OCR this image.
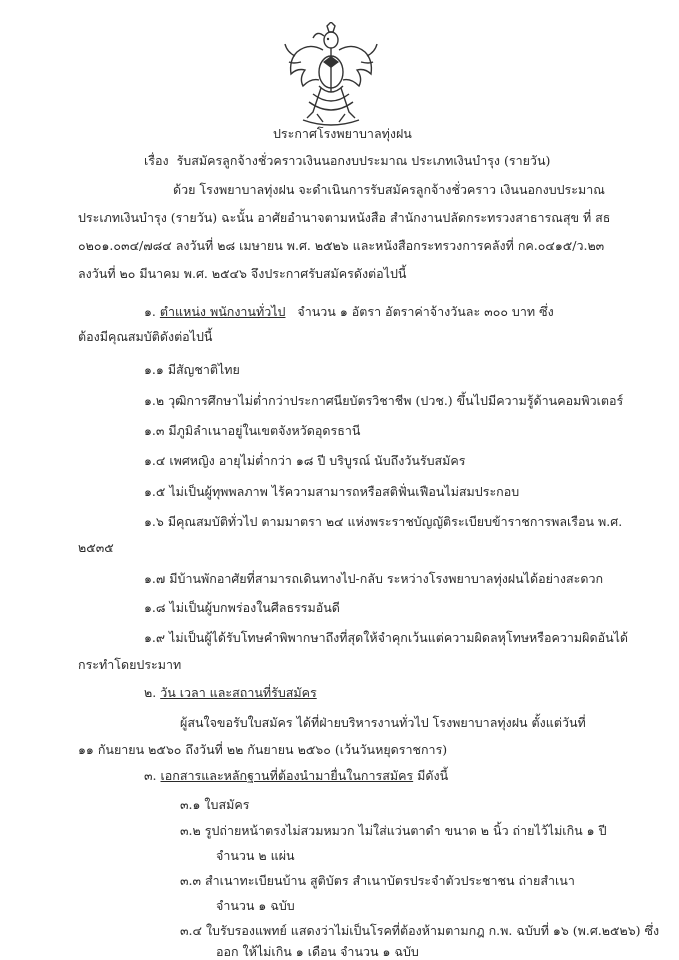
ประกาศโรงพยาบาลทุ่งฝน
เรื่อง รับสมัครลูกจ้างชั่วคราวเงินนอกงบประมาณ ประเภทเงินบำรุง (รายวัน)
ด้วย โรงพยาบาลทุ่งฝน จะดำเนินการรับสมัครลูกจ้างชั่วคราว เงินนอกงบประมาณ
ประเภทเงินบำรุง (รายวัน) ฉะนั้น อาศัยอำนาจตามหนังสือ สำนักงานปลัดกระทรวงสาธารณสุข ที่ สธ
๐๒๐๑.๐๓๔/๗๘๔ ลงวันที่ ๒๘ เมษายน พ.ศ. ๒๕๒๖ และหนังสือกระทรวงการคลังที่ กค.๐๔๑๕/ว.๒๓
ลงวันที่ ๒๐ มีนาคม พ.ศ. ๒๕๔๖ จึงประกาศรับสมัครดังต่อไปนี้
๑. ตำแหน่ง พนักงานทั่วไป จำนวน ๑ อัตรา อัตราค่าจ้างวันละ ๓๐๐ บาท ซึ่ง
ต้องมีคุณสมบัติดังต่อไปนี้
๑.๑ มีสัญชาติไทย
๑.๒ วุฒิการศึกษาไม่ต่ำกว่าประกาศนียบัตรวิชาชีพ (ปวช.) ขึ้นไปมีความรู้ด้านคอมพิวเตอร์
๑.๓ มีภูมิลำเนาอยู่ในเขตจังหวัดอุดรธานี
๑.๔ เพศหญิง อายุไม่ต่ำกว่า ๑๘ ปี บริบูรณ์ นับถึงวันรับสมัคร
๑.๕ ไม่เป็นผู้ทุพพลภาพ ไร้ความสามารถหรือสติฟั่นเฟือนไม่สมประกอบ
๑.๖ มีคุณสมบัติทั่วไป ตามมาตรา ๒๔ แห่งพระราชบัญญัติระเบียบข้าราชการพลเรือน พ.ศ.
๒๕๓๕
๑.๗ มีบ้านพักอาศัยที่สามารถเดินทางไป-กลับ ระหว่างโรงพยาบาลทุ่งฝนได้อย่างสะดวก
๑.๘ ไม่เป็นผู้บกพร่องในศีลธรรมอันดี
๑.๙ ไม่เป็นผู้ได้รับโทษคำพิพากษาถึงที่สุดให้จำคุกเว้นแต่ความผิดลหุโทษหรือความผิดอันได้
กระทำโดยประมาท
๒. วัน เวลา และสถานที่รับสมัคร
ผู้สนใจขอรับใบสมัคร ได้ที่ฝ่ายบริหารงานทั่วไป โรงพยาบาลทุ่งฝน ตั้งแต่วันที่
๑๑ กันยายน ๒๕๖๐ ถึงวันที่ ๒๒ กันยายน ๒๕๖๐ (เว้นวันหยุดราชการ)
๓. เอกสารและหลักฐานที่ต้องนำมายื่นในการสมัคร มีดังนี้
๓.๑ ใบสมัคร
๓.๒ รูปถ่ายหน้าตรงไม่สวมหมวก ไม่ใส่แว่นตาดำ ขนาด ๒ นิ้ว ถ่ายไว้ไม่เกิน ๑ ปี
จำนวน ๒ แผ่น
๓.๓ สำเนาทะเบียนบ้าน สูติบัตร สำเนาบัตรประจำตัวประชาชน ถ่ายสำเนา
จำนวน ๑ ฉบับ
๓.๔ ใบรับรองแพทย์ แสดงว่าไม่เป็นโรคที่ต้องห้ามตามกฎ ก.พ. ฉบับที่ ๑๖ (พ.ศ.๒๕๒๖) ซึ่ง
ออก ให้ไม่เกิน ๑ เดือน จำนวน ๑ ฉบับ
